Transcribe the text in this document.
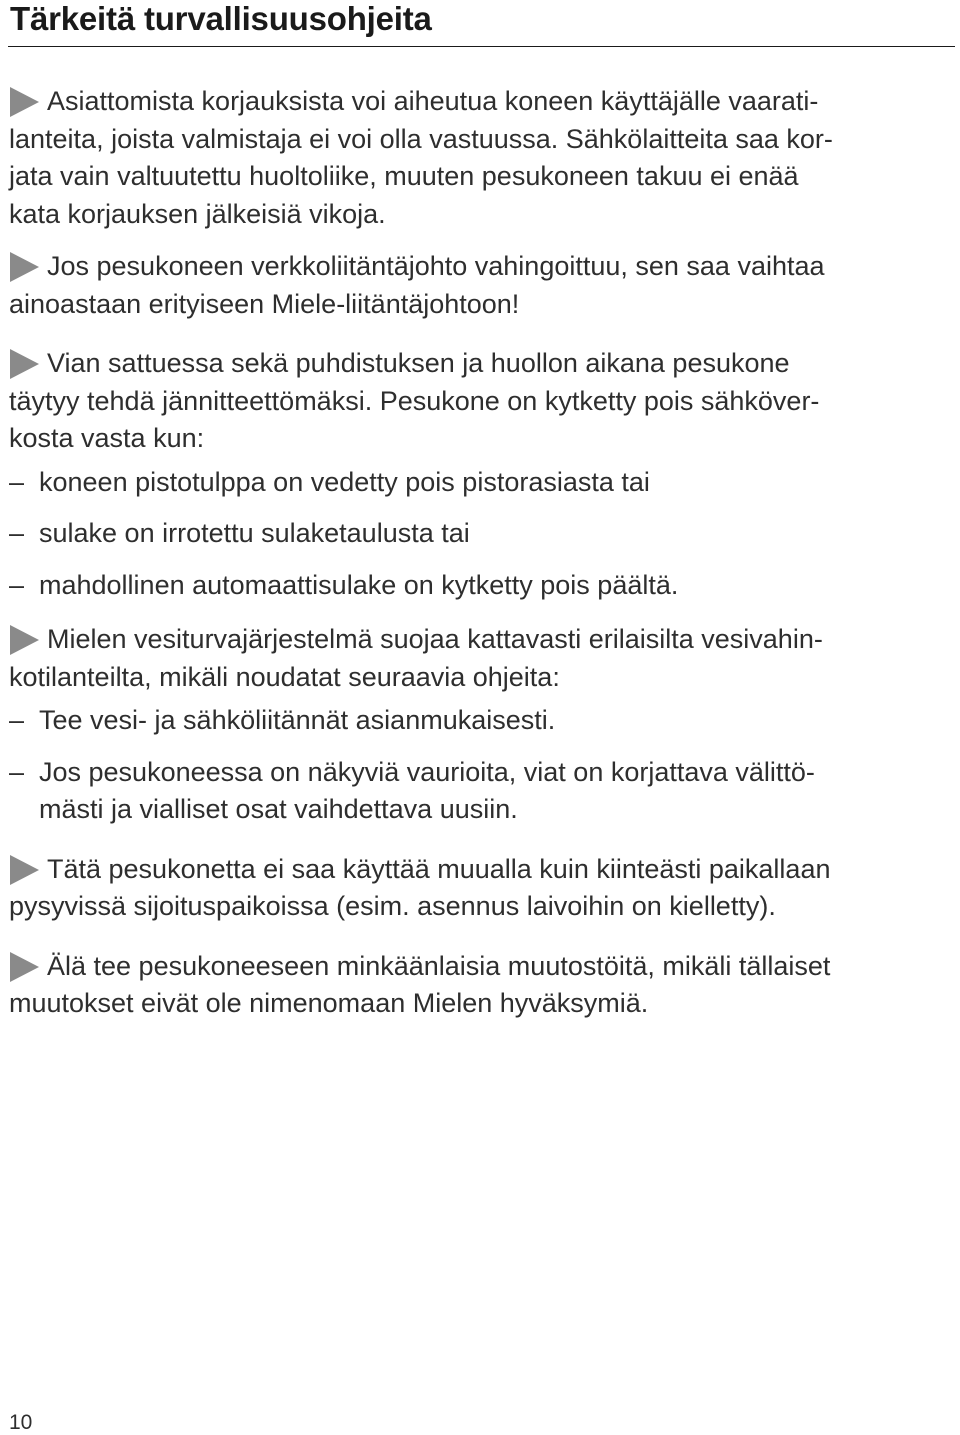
Tärkeitä turvallisuusohjeita
Asiattomista korjauksista voi aiheutua koneen käyttäjälle vaarati-
lanteita, joista valmistaja ei voi olla vastuussa. Sähkölaitteita saa kor-
jata vain valtuutettu huoltoliike, muuten pesukoneen takuu ei enää
kata korjauksen jälkeisiä vikoja.
Jos pesukoneen verkkoliitäntäjohto vahingoittuu, sen saa vaihtaa
ainoastaan erityiseen Miele-liitäntäjohtoon!
Vian sattuessa sekä puhdistuksen ja huollon aikana pesukone
täytyy tehdä jännitteettömäksi. Pesukone on kytketty pois sähköver-
kosta vasta kun:
– koneen pistotulppa on vedetty pois pistorasiasta tai
– sulake on irrotettu sulaketaulusta tai
– mahdollinen automaattisulake on kytketty pois päältä.
Mielen vesiturvajärjestelmä suojaa kattavasti erilaisilta vesivahin-
kotilanteilta, mikäli noudatat seuraavia ohjeita:
– Tee vesi- ja sähköliitännät asianmukaisesti.
– Jos pesukoneessa on näkyviä vaurioita, viat on korjattava välittö-
mästi ja vialliset osat vaihdettava uusiin.
Tätä pesukonetta ei saa käyttää muualla kuin kiinteästi paikallaan
pysyvissä sijoituspaikoissa (esim. asennus laivoihin on kielletty).
Älä tee pesukoneeseen minkäänlaisia muutostöitä, mikäli tällaiset
muutokset eivät ole nimenomaan Mielen hyväksymiä.
10
